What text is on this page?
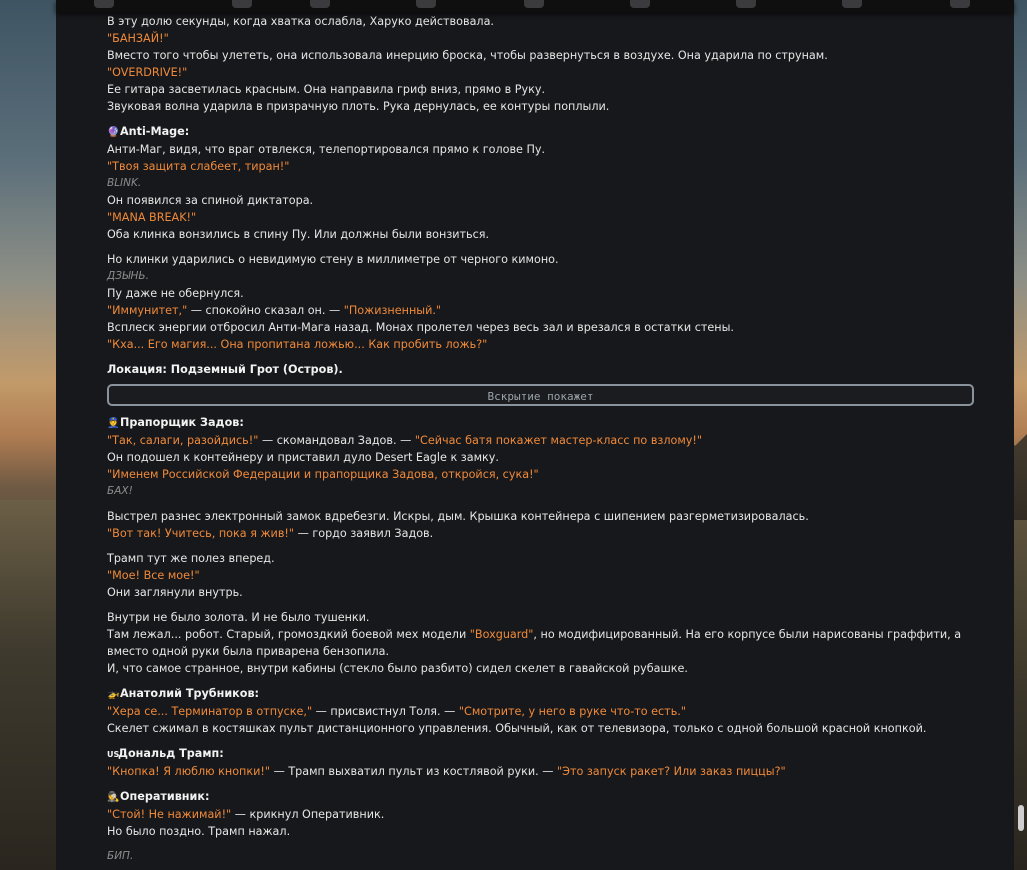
В эту долю секунды, когда хватка ослабла, Харуко действовала.
"БАНЗАЙ!"
Вместо того чтобы улететь, она использовала инерцию броска, чтобы развернуться в воздухе. Она ударила по струнам.
"OVERDRIVE!"
Ее гитара засветилась красным. Она направила гриф вниз, прямо в Руку.
Звуковая волна ударила в призрачную плоть. Рука дернулась, ее контуры поплыли.
🔮Anti-Mage:
Анти-Маг, видя, что враг отвлекся, телепортировался прямо к голове Пу.
"Твоя защита слабеет, тиран!"
BLINK.
Он появился за спиной диктатора.
"MANA BREAK!"
Оба клинка вонзились в спину Пу. Или должны были вонзиться.
Но клинки ударились о невидимую стену в миллиметре от черного кимоно.
ДЗЫНЬ.
Пу даже не обернулся.
"Иммунитет," — спокойно сказал он. — "Пожизненный."
Всплеск энергии отбросил Анти-Мага назад. Монах пролетел через весь зал и врезался в остатки стены.
"Кха... Его магия... Она пропитана ложью... Как пробить ложь?"
Локация: Подземный Грот (Остров).
Вскрытие покажет
👮Прапорщик Задов:
"Так, салаги, разойдись!" — скомандовал Задов. — "Сейчас батя покажет мастер-класс по взлому!"
Он подошел к контейнеру и приставил дуло Desert Eagle к замку.
"Именем Российской Федерации и прапорщика Задова, откройся, сука!"
БАХ!
Выстрел разнес электронный замок вдребезги. Искры, дым. Крышка контейнера с шипением разгерметизировалась.
"Вот так! Учитесь, пока я жив!" — гордо заявил Задов.
Трамп тут же полез вперед.
"Мое! Все мое!"
Они заглянули внутрь.
Внутри не было золота. И не было тушенки.
Там лежал... робот. Старый, громоздкий боевой мех модели "Boxguard", но модифицированный. На его корпусе были нарисованы граффити, а вместо одной руки была приварена бензопила.
И, что самое странное, внутри кабины (стекло было разбито) сидел скелет в гавайской рубашке.
🚁Анатолий Трубников:
"Хера се... Терминатор в отпуске," — присвистнул Толя. — "Смотрите, у него в руке что-то есть."
Скелет сжимал в костяшках пульт дистанционного управления. Обычный, как от телевизора, только с одной большой красной кнопкой.
USДональд Трамп:
"Кнопка! Я люблю кнопки!" — Трамп выхватил пульт из костлявой руки. — "Это запуск ракет? Или заказ пиццы?"
🕵Оперативник:
"Стой! Не нажимай!" — крикнул Оперативник.
Но было поздно. Трамп нажал.
БИП.
